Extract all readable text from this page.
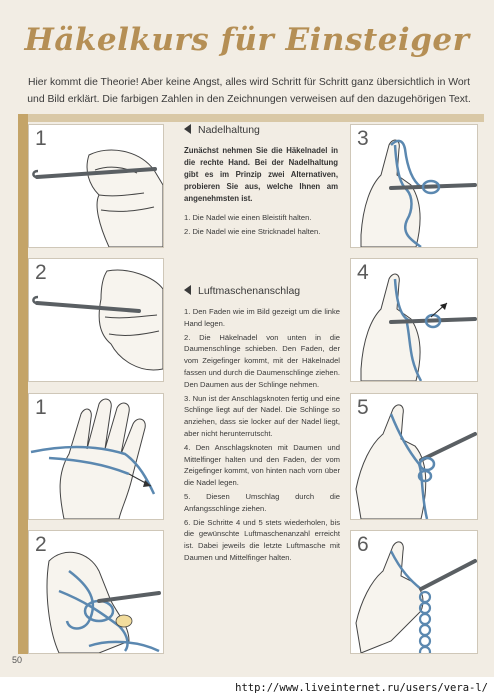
Häkelkurs für Einsteiger
Hier kommt die Theorie! Aber keine Angst, alles wird Schritt für Schritt ganz übersichtlich in Wort und Bild erklärt. Die farbigen Zahlen in den Zeichnungen verweisen auf den dazugehörigen Text.
1
2
1
2
Nadelhaltung
Zunächst nehmen Sie die Häkelnadel in die rechte Hand. Bei der Nadelhaltung gibt es im Prinzip zwei Alternativen, probieren Sie aus, welche Ihnen am angenehmsten ist.
1. Die Nadel wie einen Bleistift halten.
2. Die Nadel wie eine Stricknadel halten.
Luftmaschenanschlag
1. Den Faden wie im Bild gezeigt um die linke Hand legen.
2. Die Häkelnadel von unten in die Daumenschlinge schieben. Den Faden, der vom Zeigefinger kommt, mit der Häkelnadel fassen und durch die Daumenschlinge ziehen. Den Daumen aus der Schlinge nehmen.
3. Nun ist der Anschlagsknoten fertig und eine Schlinge liegt auf der Nadel. Die Schlinge so anziehen, dass sie locker auf der Nadel liegt, aber nicht herunterrutscht.
4. Den Anschlagsknoten mit Daumen und Mittelfinger halten und den Faden, der vom Zeigefinger kommt, von hinten nach vorn über die Nadel legen.
5. Diesen Umschlag durch die Anfangsschlinge ziehen.
6. Die Schritte 4 und 5 stets wiederholen, bis die gewünschte Luftmaschenanzahl erreicht ist. Dabei jeweils die letzte Luftmasche mit Daumen und Mittelfinger halten.
3
4
5
6
50
http://www.liveinternet.ru/users/vera-l/
